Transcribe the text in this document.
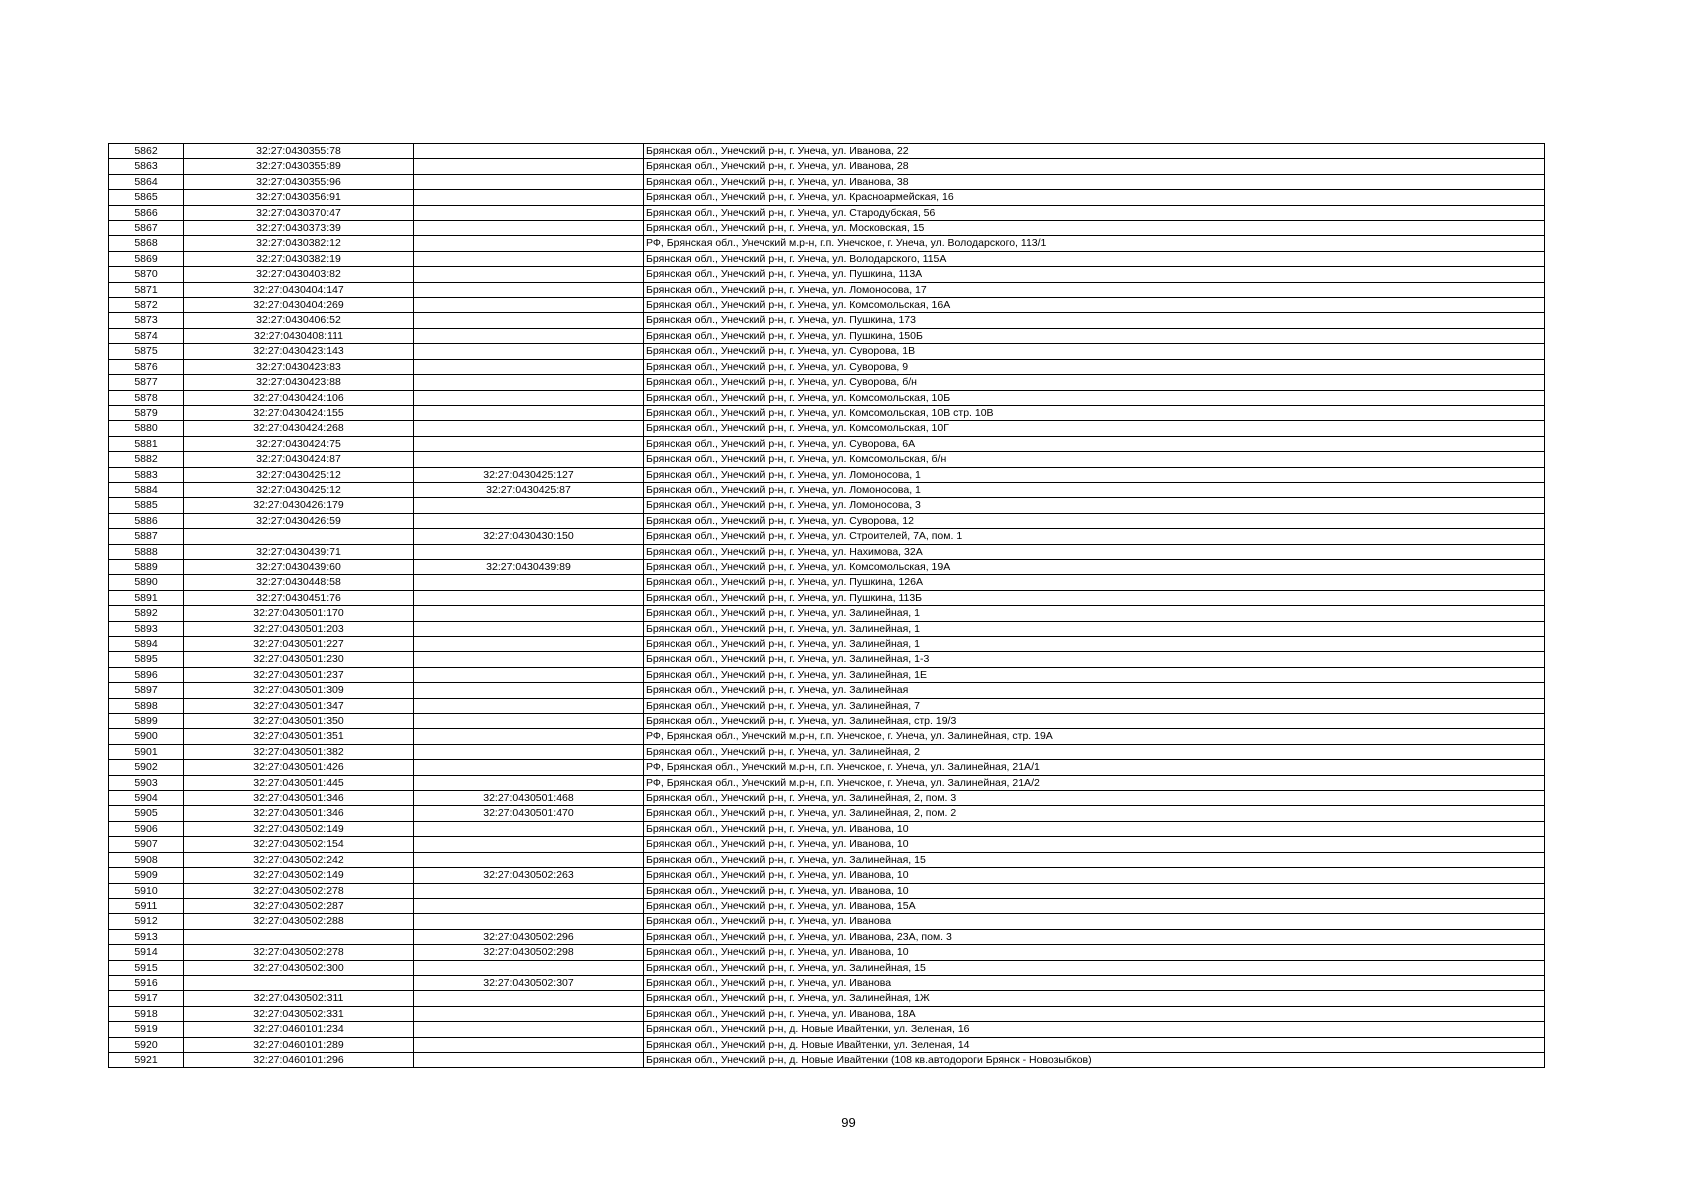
5862	32:27:0430355:78		Брянская обл., Унечский р-н, г. Унеча, ул. Иванова, 22
5863	32:27:0430355:89		Брянская обл., Унечский р-н, г. Унеча, ул. Иванова, 28
5864	32:27:0430355:96		Брянская обл., Унечский р-н, г. Унеча, ул. Иванова, 38
5865	32:27:0430356:91		Брянская обл., Унечский р-н, г. Унеча, ул. Красноармейская, 16
5866	32:27:0430370:47		Брянская обл., Унечский р-н, г. Унеча, ул. Стародубская, 56
5867	32:27:0430373:39		Брянская обл., Унечский р-н, г. Унеча, ул. Московская, 15
5868	32:27:0430382:12		РФ, Брянская обл., Унечский м.р-н, г.п. Унечское, г. Унеча, ул. Володарского, 113/1
5869	32:27:0430382:19		Брянская обл., Унечский р-н, г. Унеча, ул. Володарского, 115А
5870	32:27:0430403:82		Брянская обл., Унечский р-н, г. Унеча, ул. Пушкина, 113А
5871	32:27:0430404:147		Брянская обл., Унечский р-н, г. Унеча, ул. Ломоносова, 17
5872	32:27:0430404:269		Брянская обл., Унечский р-н, г. Унеча, ул. Комсомольская, 16А
5873	32:27:0430406:52		Брянская обл., Унечский р-н, г. Унеча, ул. Пушкина, 173
5874	32:27:0430408:111		Брянская обл., Унечский р-н, г. Унеча, ул. Пушкина, 150Б
5875	32:27:0430423:143		Брянская обл., Унечский р-н, г. Унеча, ул. Суворова, 1В
5876	32:27:0430423:83		Брянская обл., Унечский р-н, г. Унеча, ул. Суворова, 9
5877	32:27:0430423:88		Брянская обл., Унечский р-н, г. Унеча, ул. Суворова, б/н
5878	32:27:0430424:106		Брянская обл., Унечский р-н, г. Унеча, ул. Комсомольская, 10Б
5879	32:27:0430424:155		Брянская обл., Унечский р-н, г. Унеча, ул. Комсомольская, 10В стр. 10В
5880	32:27:0430424:268		Брянская обл., Унечский р-н, г. Унеча, ул. Комсомольская, 10Г
5881	32:27:0430424:75		Брянская обл., Унечский р-н, г. Унеча, ул. Суворова, 6А
5882	32:27:0430424:87		Брянская обл., Унечский р-н, г. Унеча, ул. Комсомольская, б/н
5883	32:27:0430425:12	32:27:0430425:127	Брянская обл., Унечский р-н, г. Унеча, ул. Ломоносова, 1
5884	32:27:0430425:12	32:27:0430425:87	Брянская обл., Унечский р-н, г. Унеча, ул. Ломоносова, 1
5885	32:27:0430426:179		Брянская обл., Унечский р-н, г. Унеча, ул. Ломоносова, 3
5886	32:27:0430426:59		Брянская обл., Унечский р-н, г. Унеча, ул. Суворова, 12
5887		32:27:0430430:150	Брянская обл., Унечский р-н, г. Унеча, ул. Строителей, 7А, пом. 1
5888	32:27:0430439:71		Брянская обл., Унечский р-н, г. Унеча, ул. Нахимова, 32А
5889	32:27:0430439:60	32:27:0430439:89	Брянская обл., Унечский р-н, г. Унеча, ул. Комсомольская, 19А
5890	32:27:0430448:58		Брянская обл., Унечский р-н, г. Унеча, ул. Пушкина, 126А
5891	32:27:0430451:76		Брянская обл., Унечский р-н, г. Унеча, ул. Пушкина, 113Б
5892	32:27:0430501:170		Брянская обл., Унечский р-н, г. Унеча, ул. Залинейная, 1
5893	32:27:0430501:203		Брянская обл., Унечский р-н, г. Унеча, ул. Залинейная, 1
5894	32:27:0430501:227		Брянская обл., Унечский р-н, г. Унеча, ул. Залинейная, 1
5895	32:27:0430501:230		Брянская обл., Унечский р-н, г. Унеча, ул. Залинейная, 1-3
5896	32:27:0430501:237		Брянская обл., Унечский р-н, г. Унеча, ул. Залинейная, 1Е
5897	32:27:0430501:309		Брянская обл., Унечский р-н, г. Унеча, ул. Залинейная
5898	32:27:0430501:347		Брянская обл., Унечский р-н, г. Унеча, ул. Залинейная, 7
5899	32:27:0430501:350		Брянская обл., Унечский р-н, г. Унеча, ул. Залинейная, стр. 19/3
5900	32:27:0430501:351		РФ, Брянская обл., Унечский м.р-н, г.п. Унечское, г. Унеча, ул. Залинейная, стр. 19А
5901	32:27:0430501:382		Брянская обл., Унечский р-н, г. Унеча, ул. Залинейная, 2
5902	32:27:0430501:426		РФ, Брянская обл., Унечский м.р-н, г.п. Унечское, г. Унеча, ул. Залинейная, 21А/1
5903	32:27:0430501:445		РФ, Брянская обл., Унечский м.р-н, г.п. Унечское, г. Унеча, ул. Залинейная, 21А/2
5904	32:27:0430501:346	32:27:0430501:468	Брянская обл., Унечский р-н, г. Унеча, ул. Залинейная, 2, пом. 3
5905	32:27:0430501:346	32:27:0430501:470	Брянская обл., Унечский р-н, г. Унеча, ул. Залинейная, 2, пом. 2
5906	32:27:0430502:149		Брянская обл., Унечский р-н, г. Унеча, ул. Иванова, 10
5907	32:27:0430502:154		Брянская обл., Унечский р-н, г. Унеча, ул. Иванова, 10
5908	32:27:0430502:242		Брянская обл., Унечский р-н, г. Унеча, ул. Залинейная, 15
5909	32:27:0430502:149	32:27:0430502:263	Брянская обл., Унечский р-н, г. Унеча, ул. Иванова, 10
5910	32:27:0430502:278		Брянская обл., Унечский р-н, г. Унеча, ул. Иванова, 10
5911	32:27:0430502:287		Брянская обл., Унечский р-н, г. Унеча, ул. Иванова, 15А
5912	32:27:0430502:288		Брянская обл., Унечский р-н, г. Унеча, ул. Иванова
5913		32:27:0430502:296	Брянская обл., Унечский р-н, г. Унеча, ул. Иванова, 23А, пом. 3
5914	32:27:0430502:278	32:27:0430502:298	Брянская обл., Унечский р-н, г. Унеча, ул. Иванова, 10
5915	32:27:0430502:300		Брянская обл., Унечский р-н, г. Унеча, ул. Залинейная, 15
5916		32:27:0430502:307	Брянская обл., Унечский р-н, г. Унеча, ул. Иванова
5917	32:27:0430502:311		Брянская обл., Унечский р-н, г. Унеча, ул. Залинейная, 1Ж
5918	32:27:0430502:331		Брянская обл., Унечский р-н, г. Унеча, ул. Иванова, 18А
5919	32:27:0460101:234		Брянская обл., Унечский р-н, д. Новые Ивайтенки, ул. Зеленая, 16
5920	32:27:0460101:289		Брянская обл., Унечский р-н, д. Новые Ивайтенки, ул. Зеленая, 14
5921	32:27:0460101:296		Брянская обл., Унечский р-н, д. Новые Ивайтенки (108 кв.автодороги Брянск - Новозыбков)
99
